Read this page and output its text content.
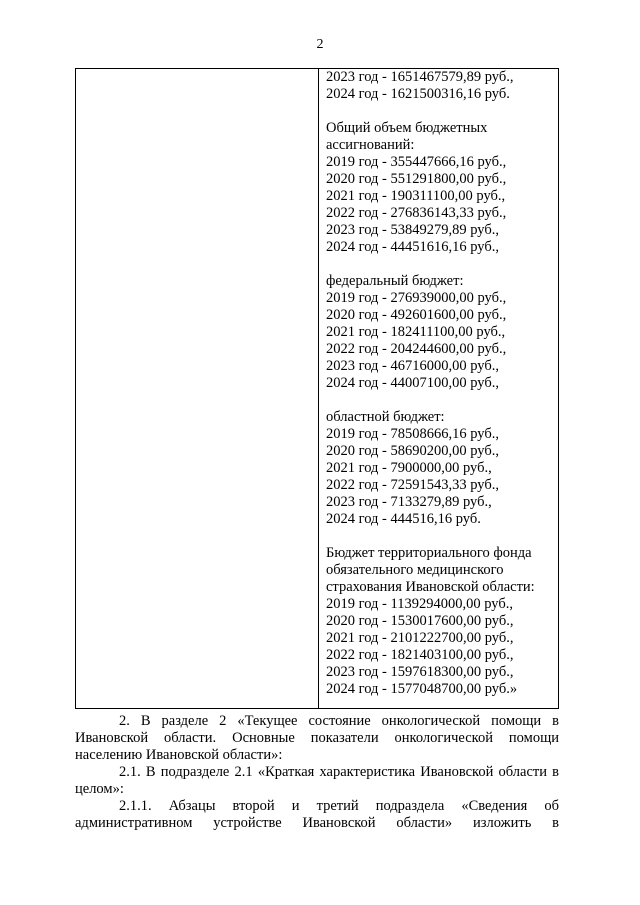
2
2023 год - 1651467579,89 руб.,
2024 год - 1621500316,16 руб.
Общий объем бюджетных
ассигнований:
2019 год - 355447666,16 руб.,
2020 год - 551291800,00 руб.,
2021 год - 190311100,00 руб.,
2022 год - 276836143,33 руб.,
2023 год - 53849279,89 руб.,
2024 год - 44451616,16 руб.,
федеральный бюджет:
2019 год - 276939000,00 руб.,
2020 год - 492601600,00 руб.,
2021 год - 182411100,00 руб.,
2022 год - 204244600,00 руб.,
2023 год - 46716000,00 руб.,
2024 год - 44007100,00 руб.,
областной бюджет:
2019 год - 78508666,16 руб.,
2020 год - 58690200,00 руб.,
2021 год - 7900000,00 руб.,
2022 год - 72591543,33 руб.,
2023 год - 7133279,89 руб.,
2024 год - 444516,16 руб.
Бюджет территориального фонда
обязательного медицинского
страхования Ивановской области:
2019 год - 1139294000,00 руб.,
2020 год - 1530017600,00 руб.,
2021 год - 2101222700,00 руб.,
2022 год - 1821403100,00 руб.,
2023 год - 1597618300,00 руб.,
2024 год - 1577048700,00 руб.»

2. В разделе 2 «Текущее состояние онкологической помощи в Ивановской области. Основные показатели онкологической помощи населению Ивановской области»:

2.1. В подразделе 2.1 «Краткая характеристика Ивановской области в целом»:

2.1.1. Абзацы второй и третий подраздела «Сведения об административном устройстве Ивановской области» изложить в
